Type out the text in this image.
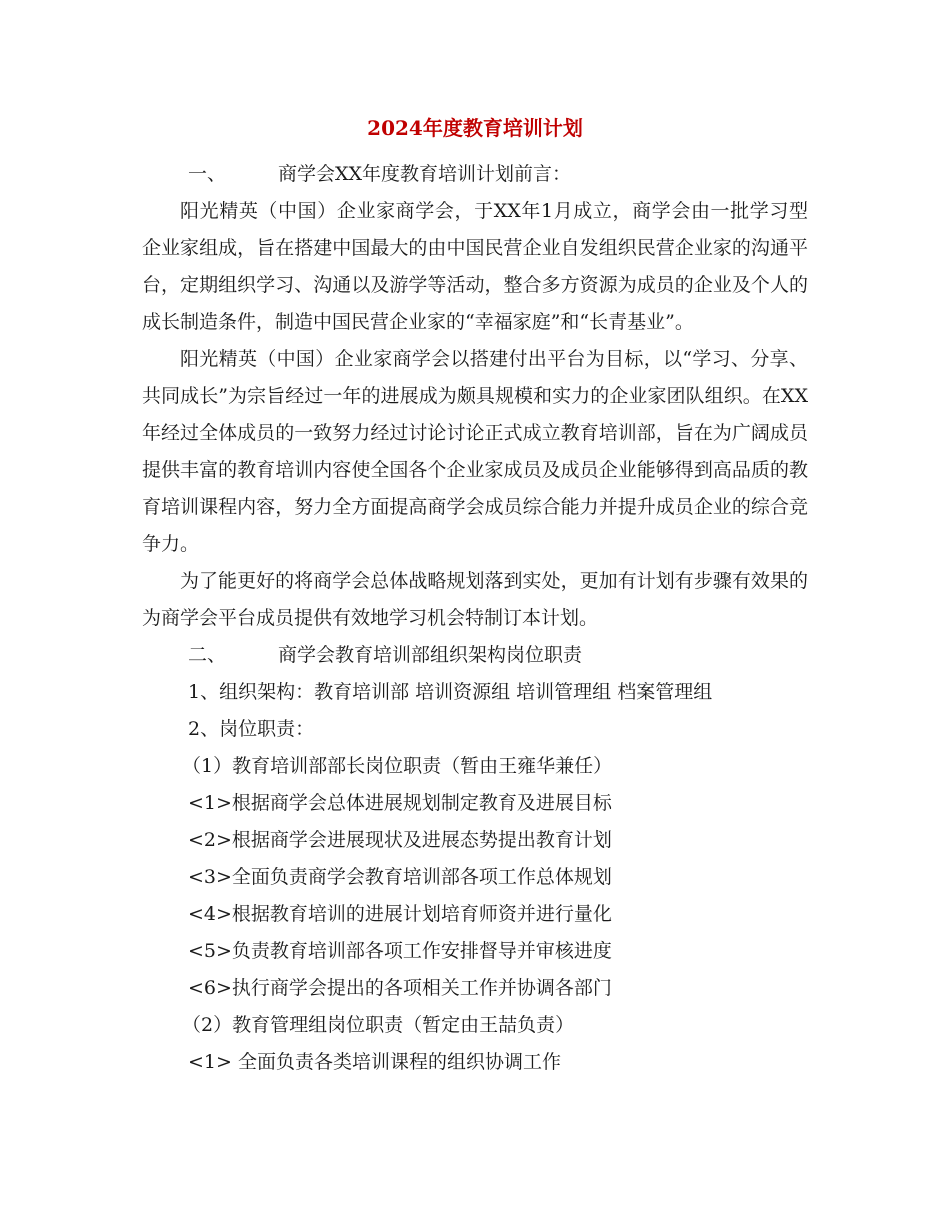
2024年度教育培训计划

一、	商学会XX年度教育培训计划前言：

阳光精英（中国）企业家商学会，于XX年1月成立，商学会由一批学习型企业家组成，旨在搭建中国最大的由中国民营企业自发组织民营企业家的沟通平台，定期组织学习、沟通以及游学等活动，整合多方资源为成员的企业及个人的成长制造条件，制造中国民营企业家的“幸福家庭”和“长青基业”。

阳光精英（中国）企业家商学会以搭建付出平台为目标，以“学习、分享、共同成长”为宗旨经过一年的进展成为颇具规模和实力的企业家团队组织。在XX年经过全体成员的一致努力经过讨论讨论正式成立教育培训部，旨在为广阔成员提供丰富的教育培训内容使全国各个企业家成员及成员企业能够得到高品质的教育培训课程内容，努力全方面提高商学会成员综合能力并提升成员企业的综合竞争力。

为了能更好的将商学会总体战略规划落到实处，更加有计划有步骤有效果的为商学会平台成员提供有效地学习机会特制订本计划。

二、	商学会教育培训部组织架构岗位职责

1、组织架构：教育培训部 培训资源组 培训管理组 档案管理组

2、岗位职责：

（1）教育培训部部长岗位职责（暂由王雍华兼任）

<1>根据商学会总体进展规划制定教育及进展目标

<2>根据商学会进展现状及进展态势提出教育计划

<3>全面负责商学会教育培训部各项工作总体规划

<4>根据教育培训的进展计划培育师资并进行量化

<5>负责教育培训部各项工作安排督导并审核进度

<6>执行商学会提出的各项相关工作并协调各部门

（2）教育管理组岗位职责（暂定由王喆负责）

<1> 全面负责各类培训课程的组织协调工作
